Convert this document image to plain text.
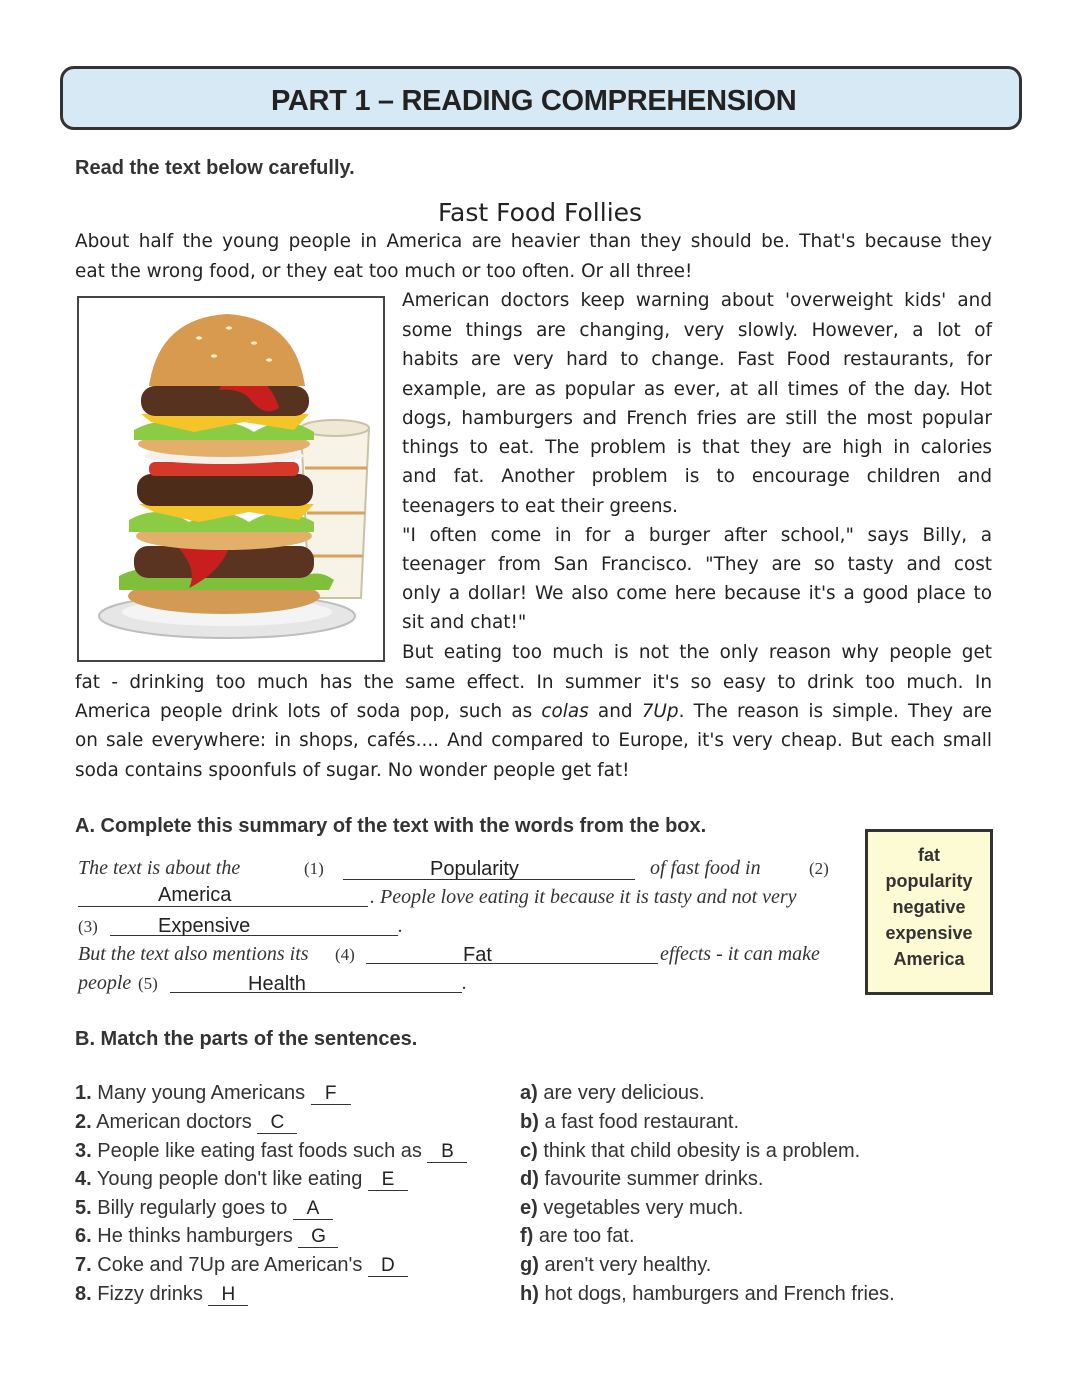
PART 1 – READING COMPREHENSION
Read the text below carefully.
Fast Food Follies
About half the young people in America are heavier than they should be. That's because they
eat the wrong food, or they eat too much or too often. Or all three!
American doctors keep warning about 'overweight kids' and
some things are changing, very slowly. However, a lot of
habits are very hard to change. Fast Food restaurants, for
example, are as popular as ever, at all times of the day. Hot
dogs, hamburgers and French fries are still the most popular
things to eat. The problem is that they are high in calories
and fat. Another problem is to encourage children and
teenagers to eat their greens.
"I often come in for a burger after school," says Billy, a
teenager from San Francisco. "They are so tasty and cost
only a dollar! We also come here because it's a good place to
sit and chat!"
But eating too much is not the only reason why people get
fat - drinking too much has the same effect. In summer it's so easy to drink too much. In
America people drink lots of soda pop, such as colas and 7Up. The reason is simple. They are
on sale everywhere: in shops, cafés.... And compared to Europe, it's very cheap. But each small
soda contains spoonfuls of sugar. No wonder people get fat!
A. Complete this summary of the text with the words from the box.
The text is about the	(1)	Popularity	of fast food in	(2)
America	. People love eating it because it is tasty and not very
(3)	Expensive	.
But the text also mentions its (4)	Fat	effects - it can make
people (5)	Health	.
fat
popularity
negative
expensive
America
B. Match the parts of the sentences.
1. Many young Americans F
2. American doctors C
3. People like eating fast foods such as B
4. Young people don't like eating E
5. Billy regularly goes to A
6. He thinks hamburgers G
7. Coke and 7Up are American's D
8. Fizzy drinks H
a) are very delicious.
b) a fast food restaurant.
c) think that child obesity is a problem.
d) favourite summer drinks.
e) vegetables very much.
f) are too fat.
g) aren't very healthy.
h) hot dogs, hamburgers and French fries.
